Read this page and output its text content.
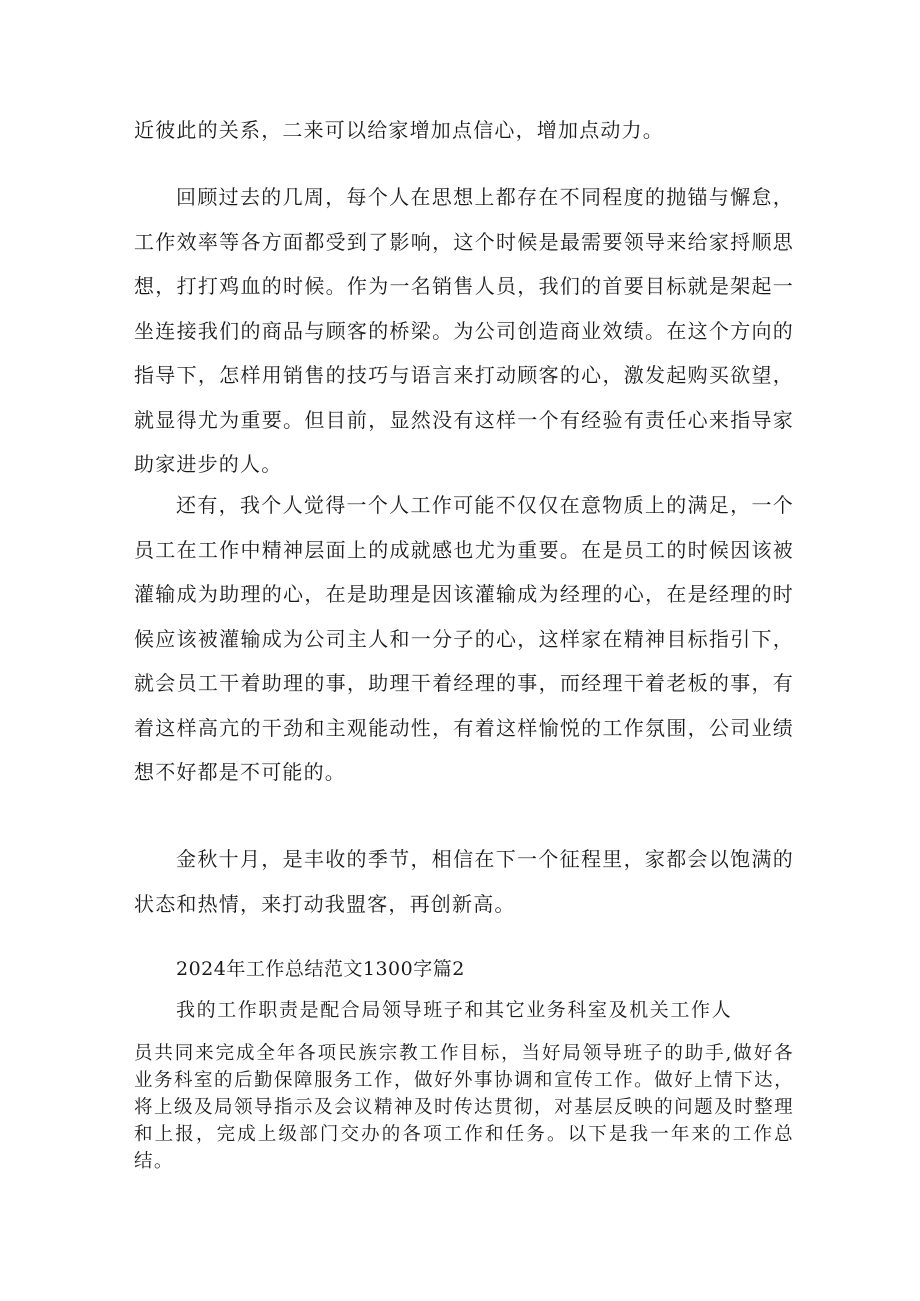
近彼此的关系，二来可以给家增加点信心，增加点动力。

回顾过去的几周，每个人在思想上都存在不同程度的抛锚与懈怠，工作效率等各方面都受到了影响，这个时候是最需要领导来给家捋顺思想，打打鸡血的时候。作为一名销售人员，我们的首要目标就是架起一坐连接我们的商品与顾客的桥梁。为公司创造商业效绩。在这个方向的指导下，怎样用销售的技巧与语言来打动顾客的心，激发起购买欲望，就显得尤为重要。但目前，显然没有这样一个有经验有责任心来指导家助家进步的人。

还有，我个人觉得一个人工作可能不仅仅在意物质上的满足，一个员工在工作中精神层面上的成就感也尤为重要。在是员工的时候因该被灌输成为助理的心，在是助理是因该灌输成为经理的心，在是经理的时候应该被灌输成为公司主人和一分子的心，这样家在精神目标指引下，就会员工干着助理的事，助理干着经理的事，而经理干着老板的事，有着这样高亢的干劲和主观能动性，有着这样愉悦的工作氛围，公司业绩想不好都是不可能的。

金秋十月，是丰收的季节，相信在下一个征程里，家都会以饱满的状态和热情，来打动我盟客，再创新高。

2024年工作总结范文1300字篇2

我的工作职责是配合局领导班子和其它业务科室及机关工作人

员共同来完成全年各项民族宗教工作目标，当好局领导班子的助手,做好各业务科室的后勤保障服务工作，做好外事协调和宣传工作。做好上情下达，将上级及局领导指示及会议精神及时传达贯彻，对基层反映的问题及时整理和上报，完成上级部门交办的各项工作和任务。以下是我一年来的工作总结。
